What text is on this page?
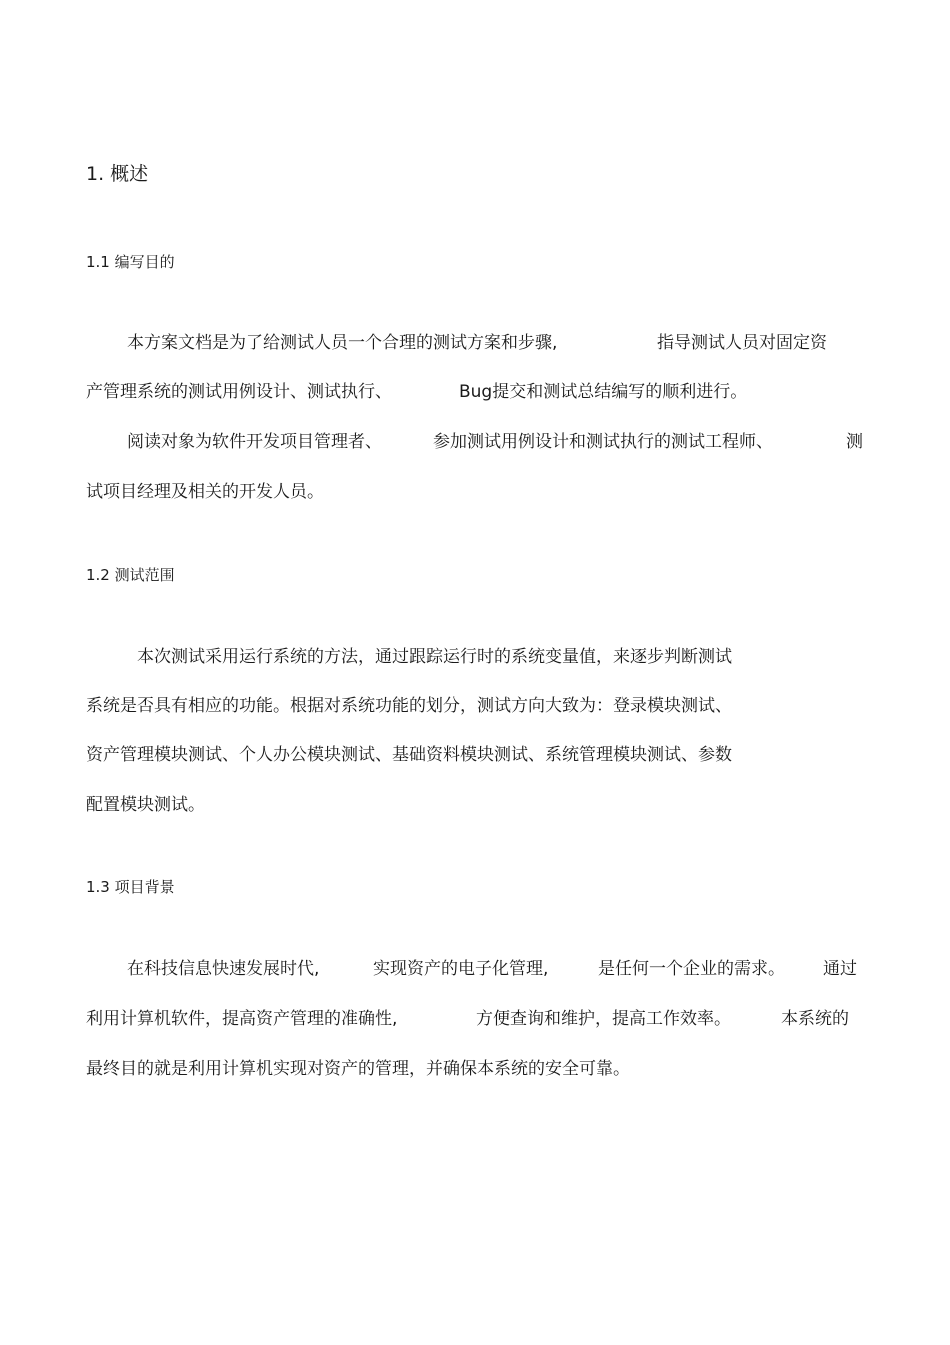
1. 概述
1.1 编写目的
本方案文档是为了给测试人员一个合理的测试方案和步骤,	指导测试人员对固定资
产管理系统的测试用例设计、测试执行、	Bug提交和测试总结编写的顺利进行。
阅读对象为软件开发项目管理者、	参加测试用例设计和测试执行的测试工程师、	测
试项目经理及相关的开发人员。
1.2 测试范围
本次测试采用运行系统的方法，通过跟踪运行时的系统变量值，来逐步判断测试
系统是否具有相应的功能。根据对系统功能的划分，测试方向大致为：登录模块测试、
资产管理模块测试、个人办公模块测试、基础资料模块测试、系统管理模块测试、参数
配置模块测试。
1.3 项目背景
在科技信息快速发展时代,	实现资产的电子化管理,	是任何一个企业的需求。 通过
利用计算机软件，提高资产管理的准确性,	方便查询和维护，提高工作效率。	本系统的
最终目的就是利用计算机实现对资产的管理，并确保本系统的安全可靠。
